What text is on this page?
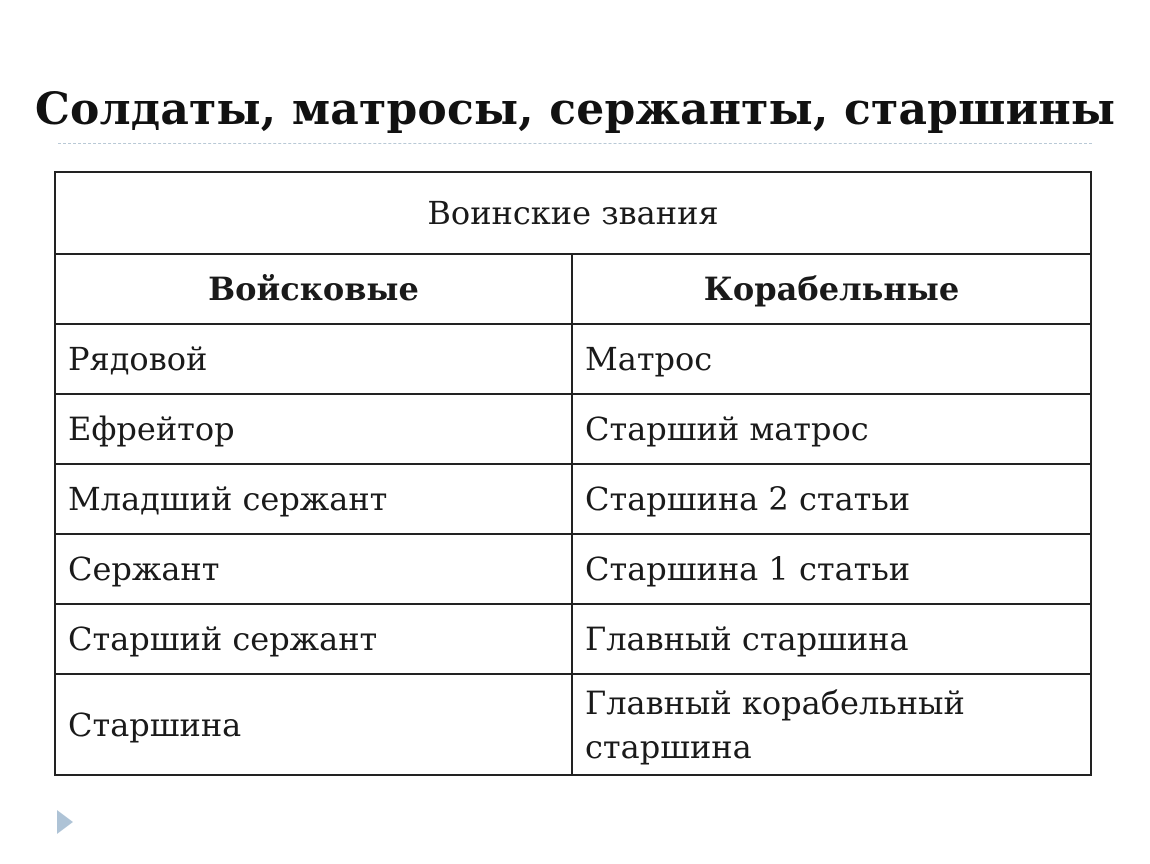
Солдаты, матросы, сержанты, старшины
Воинские звания	
Войсковые	Корабельные
Рядовой	Матрос
Ефрейтор	Старший матрос
Младший сержант	Старшина 2 статьи
Сержант	Старшина 1 статьи
Старший сержант	Главный старшина
Старшина	Главный корабельный старшина
